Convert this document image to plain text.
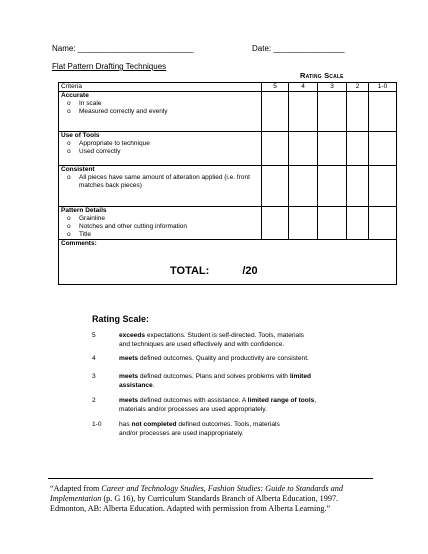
Name: __________________________	Date: ________________
Flat Pattern Drafting Techniques
Rating Scale
Criteria	5	4	3	2	1-0

Accurate
o In scale
o Measured correctly and evenly					

Use of Tools
o Appropriate to technique
o Used correctly					

Consistent
o All pieces have same amount of alteration applied (i.e. front
matches back pieces)					

Pattern Details
o Grainline
o Notches and other cutting information
o Title					

Comments:					
TOTAL:	/20
Rating Scale:
5	exceeds expectations. Student is self-directed. Tools, materials
and techniques are used effectively and with confidence.
4	meets defined outcomes. Quality and productivity are consistent.
3	meets defined outcomes. Plans and solves problems with limited
assistance.
2	meets defined outcomes with assistance. A limited range of tools,
materials and/or processes are used appropriately.
1-0	has not completed defined outcomes. Tools, materials
and/or processes are used inappropriately.
“Adapted from Career and Technology Studies, Fashion Studies: Guide to Standards and
Implementation (p. G 16), by Curriculum Standards Branch of Alberta Education, 1997.
Edmonton, AB: Alberta Education. Adapted with permission from Alberta Learning.”
